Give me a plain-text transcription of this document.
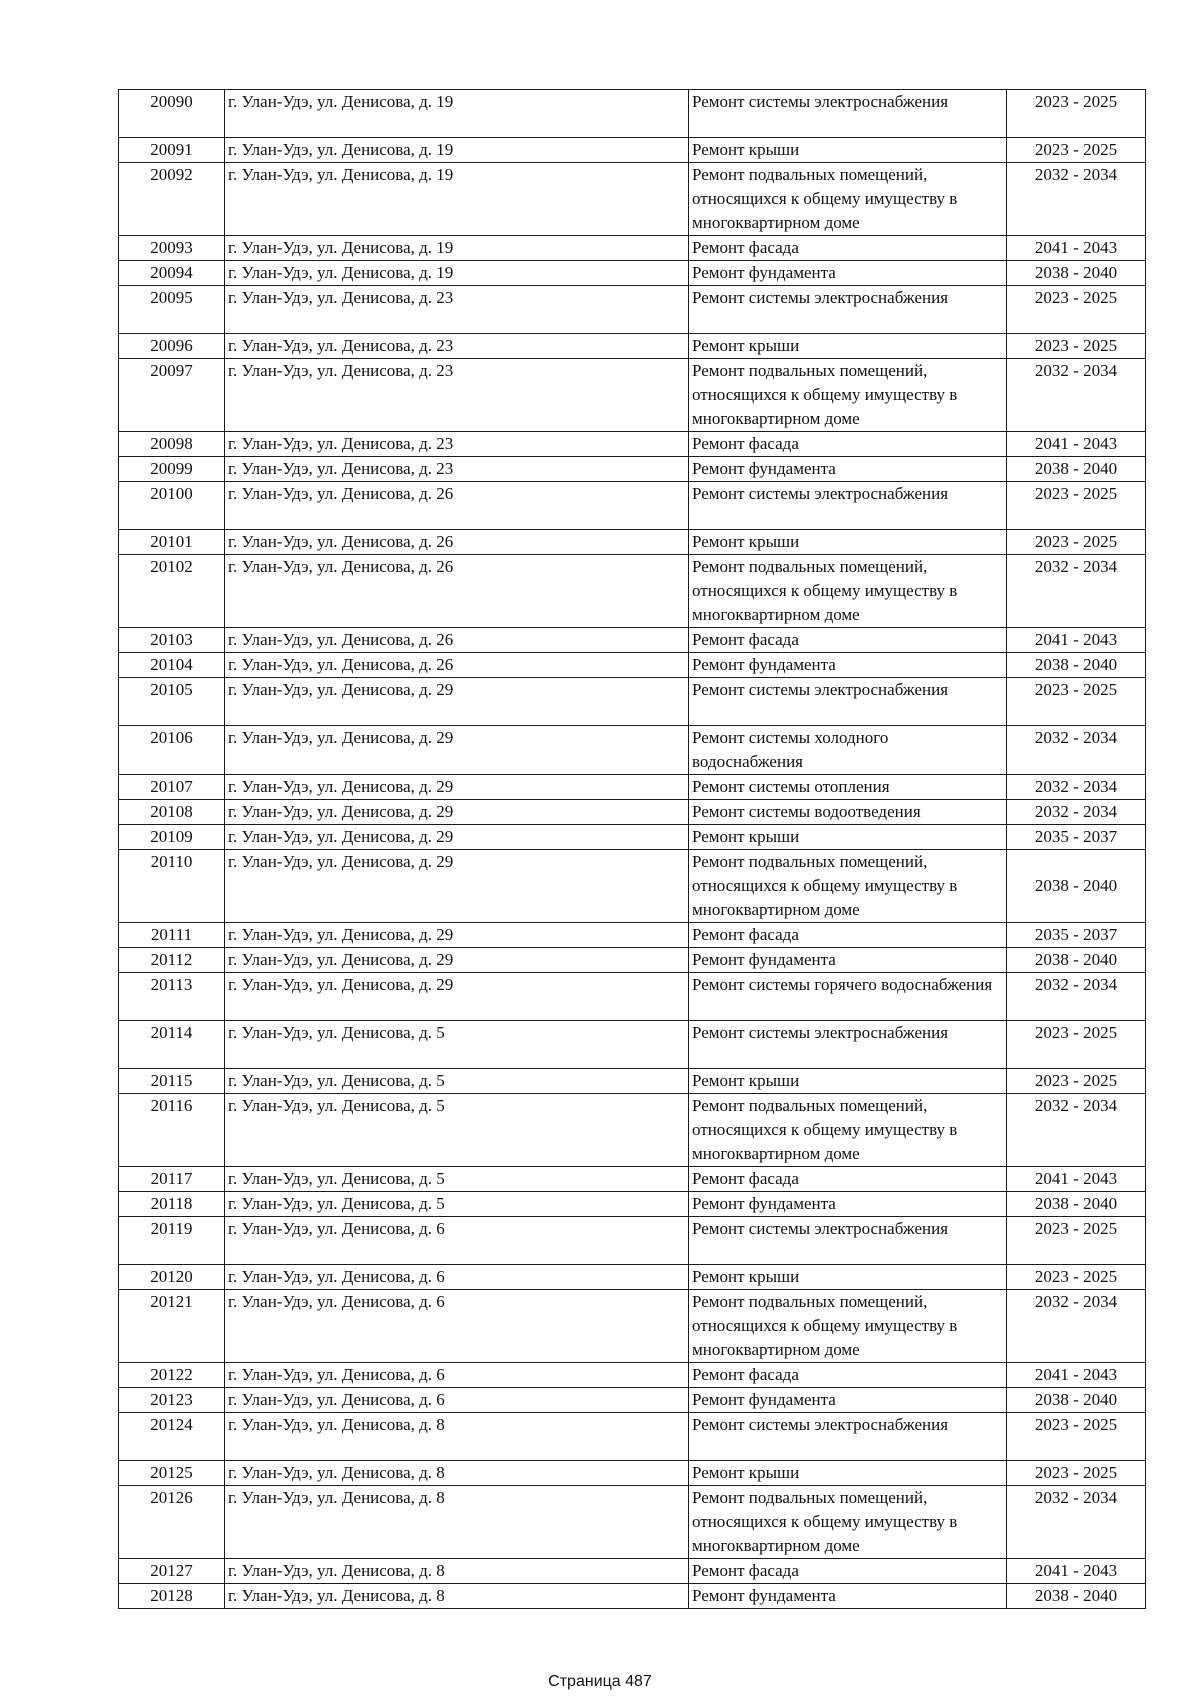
20090	г. Улан-Удэ, ул. Денисова, д. 19	Ремонт системы электроснабжения	2023 - 2025
20091	г. Улан-Удэ, ул. Денисова, д. 19	Ремонт крыши	2023 - 2025
20092	г. Улан-Удэ, ул. Денисова, д. 19	Ремонт подвальных помещений, относящихся к общему имуществу в многоквартирном доме	2032 - 2034
20093	г. Улан-Удэ, ул. Денисова, д. 19	Ремонт фасада	2041 - 2043
20094	г. Улан-Удэ, ул. Денисова, д. 19	Ремонт фундамента	2038 - 2040
20095	г. Улан-Удэ, ул. Денисова, д. 23	Ремонт системы электроснабжения	2023 - 2025
20096	г. Улан-Удэ, ул. Денисова, д. 23	Ремонт крыши	2023 - 2025
20097	г. Улан-Удэ, ул. Денисова, д. 23	Ремонт подвальных помещений, относящихся к общему имуществу в многоквартирном доме	2032 - 2034
20098	г. Улан-Удэ, ул. Денисова, д. 23	Ремонт фасада	2041 - 2043
20099	г. Улан-Удэ, ул. Денисова, д. 23	Ремонт фундамента	2038 - 2040
20100	г. Улан-Удэ, ул. Денисова, д. 26	Ремонт системы электроснабжения	2023 - 2025
20101	г. Улан-Удэ, ул. Денисова, д. 26	Ремонт крыши	2023 - 2025
20102	г. Улан-Удэ, ул. Денисова, д. 26	Ремонт подвальных помещений, относящихся к общему имуществу в многоквартирном доме	2032 - 2034
20103	г. Улан-Удэ, ул. Денисова, д. 26	Ремонт фасада	2041 - 2043
20104	г. Улан-Удэ, ул. Денисова, д. 26	Ремонт фундамента	2038 - 2040
20105	г. Улан-Удэ, ул. Денисова, д. 29	Ремонт системы электроснабжения	2023 - 2025
20106	г. Улан-Удэ, ул. Денисова, д. 29	Ремонт системы холодного водоснабжения	2032 - 2034
20107	г. Улан-Удэ, ул. Денисова, д. 29	Ремонт системы отопления	2032 - 2034
20108	г. Улан-Удэ, ул. Денисова, д. 29	Ремонт системы водоотведения	2032 - 2034
20109	г. Улан-Удэ, ул. Денисова, д. 29	Ремонт крыши	2035 - 2037
20110	г. Улан-Удэ, ул. Денисова, д. 29	Ремонт подвальных помещений, относящихся к общему имуществу в многоквартирном доме	2038 - 2040
20111	г. Улан-Удэ, ул. Денисова, д. 29	Ремонт фасада	2035 - 2037
20112	г. Улан-Удэ, ул. Денисова, д. 29	Ремонт фундамента	2038 - 2040
20113	г. Улан-Удэ, ул. Денисова, д. 29	Ремонт системы горячего водоснабжения	2032 - 2034
20114	г. Улан-Удэ, ул. Денисова, д. 5	Ремонт системы электроснабжения	2023 - 2025
20115	г. Улан-Удэ, ул. Денисова, д. 5	Ремонт крыши	2023 - 2025
20116	г. Улан-Удэ, ул. Денисова, д. 5	Ремонт подвальных помещений, относящихся к общему имуществу в многоквартирном доме	2032 - 2034
20117	г. Улан-Удэ, ул. Денисова, д. 5	Ремонт фасада	2041 - 2043
20118	г. Улан-Удэ, ул. Денисова, д. 5	Ремонт фундамента	2038 - 2040
20119	г. Улан-Удэ, ул. Денисова, д. 6	Ремонт системы электроснабжения	2023 - 2025
20120	г. Улан-Удэ, ул. Денисова, д. 6	Ремонт крыши	2023 - 2025
20121	г. Улан-Удэ, ул. Денисова, д. 6	Ремонт подвальных помещений, относящихся к общему имуществу в многоквартирном доме	2032 - 2034
20122	г. Улан-Удэ, ул. Денисова, д. 6	Ремонт фасада	2041 - 2043
20123	г. Улан-Удэ, ул. Денисова, д. 6	Ремонт фундамента	2038 - 2040
20124	г. Улан-Удэ, ул. Денисова, д. 8	Ремонт системы электроснабжения	2023 - 2025
20125	г. Улан-Удэ, ул. Денисова, д. 8	Ремонт крыши	2023 - 2025
20126	г. Улан-Удэ, ул. Денисова, д. 8	Ремонт подвальных помещений, относящихся к общему имуществу в многоквартирном доме	2032 - 2034
20127	г. Улан-Удэ, ул. Денисова, д. 8	Ремонт фасада	2041 - 2043
20128	г. Улан-Удэ, ул. Денисова, д. 8	Ремонт фундамента	2038 - 2040
Страница 487
